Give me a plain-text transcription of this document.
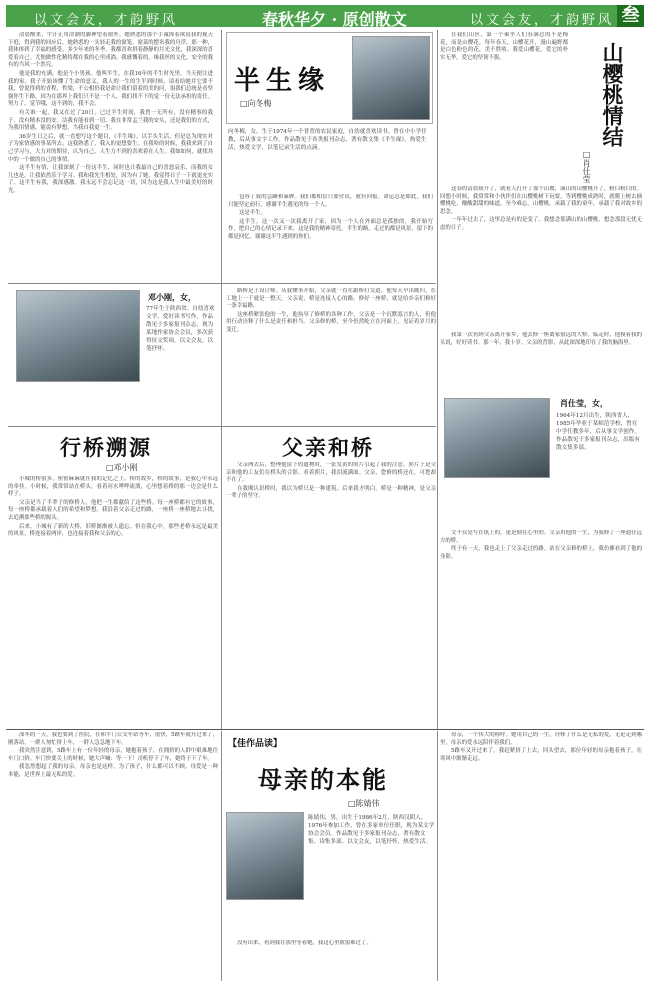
以文会友，才韵野风	春秋华夕 · 原创散文	以文会友，才韵野风 叁

清晨醒来，牛汗正用津潮的脚神望着窗外。她熟悉的那个手诚探着欲说我的视天下庭，得到我的回应后，她熟悉的一头轻走我的窗笼。窗菜的摆名我的舟浮，那一种，我体体到了幸福的感受。多少年来的冬季，我都喜欢拼着静静的月光文化，我深深的喜爱着自己。尤独做性化精将都在我的心里成淌。我感慨着的，缘我丝的文化，安全的我有的当风一个然究。

他是我的充满，他是个小男孩。他叫半生。在我16年的半生时光里，当天便注进我的家。我子开始该懂了生命的意义，我人的一生的生半到时候，请看给她并它要不我，曾说得到的青程，哲梁，不公相仍我是命让我们留着的美的问，很我们总统是看坚强你生下路。因为在那界上我们只不是一个人，我们找不下的觉一份无法承担的责任。努力了，觉节哦，这不到的，我不会。

有关谁一起，我又在过了20日，已过半生时间，我曾一无所有，没有精事的我子，没有精本没的安。洁我有能看到一切。我在非常孟兰我的安头，还是我们的方式，为我用情感，能说有梦想，当我自我更一生。

36岁生日之后，就一直想写这个题目，《半生缘》。以手头生活，但是总为现实对子为家情感的事某所去。这我熟悉了，我入的更想要生。在我哈的时候，我我来到了自己学习与，大力对的期待，认为自己，人生力不到的喜欢着在人生。我如如何，就找其中的一个做的自己的事情。

这半生有情，让我深刻了一份这半生，同时也让我最自己的喜怒哀乐，而我的女儿也是，让我依然乐于学习。我和我先生相处，因为有了她，我觉得日子一下就更充实了。这半生有我，我深感激。我永远不会忘记这一切，因为这是我人生中最美好的时光。

邓小刚，女，
77年生于陕西省。自幼喜欢文学，爱好读书写作。作品散见于多家报刊杂志。现为某地作家协会会员，多次获得征文奖项，以文会友，以笔抒怀。
行桥溯源
□邓小刚

小城的桥很多，密密麻麻就在我的记忆之上。桥的故乡，桥的故事，是我心中永远的牵挂。小时候，我常常站在桥头，看着河水哗哗流淌，心里想着桥的那一边会是什么样子。

父亲是当了半辈子的修桥人，他把一生都献给了这些桥。每一座桥都有它的故事，每一座桥都承载着人们的希望和梦想。我沿着父亲走过的路，一座桥一座桥地去寻找，去追溯那些桥的源头。

后来，小城有了新的大桥，旧桥渐渐被人遗忘。但在我心中，那些老桥永远是最美的风景。桥连接着两岸，也连接着我和父亲的心。

半生缘
□向冬梅
向冬梅，女，生于1974年一个普普的农民家庭，自幼就喜欢读书。曾在中小学任教，后从事文字工作。作品散见于各类报刊杂志，著有散文集《半生缘》。热爱生活，热爱文学，以笔记录生活的点滴。

包容了我的急躁和暴脾。我们都相信只要付出，就有回报。命运总是如此，我们只能坚定前行，感谢半生遇见的每一个人。

这是半生。

这半生，这一次又一次我离开了家，因为一个人在外面总是孤独的。我开始写作，把自己的心情记录下来，这是我的精神寄托。半生的路，走过的都是风景，留下的都是回忆。谢谢这半生遇到的你们。

在我们山区，第一个乘坐人们春满总的不是梅花，而是山樱花。每年春天，山樱花开，漫山遍野都是白色粉色的花，美不胜收。我爱山樱花，爱它的朴实无华，爱它的坚韧不拔。	山樱桃情结
□肖仕莹

这春的清晨我开了，就看人打开了那个山坡，满山的山樱桃开了，粉白粉白的。回想小时候，我常常和小伙伴们在山樱桃树下玩耍，等到樱桃成熟时，就爬上树去摘樱桃吃，酸酸甜甜的味道，至今难忘。山樱桃，承载了我的童年，承载了我对故乡的思念。

一年年过去了，这里总是有的是变了。我想念那满山的山樱桃，想念那段无忧无虑的日子。

路桥是土设计师。从我懂事开始，父亲就一直在跟桥打交道。他每天早出晚归，在工地上一干就是一整天。父亲说，桥是连接人心的路，修好一座桥，就是给乡亲们修好一条幸福路。

这座桥紧张他的一生，他执导了修桥的各种工作，父亲是一个沉默寡言的人，但他用行动诠释了什么是责任和担当。父亲修的桥，至今仍然屹立在河面上，见证着岁月的变迁。

父亲和桥

父亲两去后，整理他留下的遗物时，一张发黄的照片引起了我的注意。照片上是父亲和他的工友们在桥头的合影。看着照片，我泪流满面。父亲，您修的桥还在，可您却不在了。

在我刚认识桥时，我以为桥只是一种建筑。后来我才明白，桥是一种精神，是父亲一辈子的坚守。

我第一次看到父亲离开家乡，他去修一座离家很远的大桥。临走时，他摸着我的头说，好好读书。那一年，我十岁。父亲的背影，从此深深地印在了我的脑海里。
肖仕莹，女，
1964年12月出生，陕西省人，1985年毕业于某师范学校，曾在中学任教多年，后从事文学创作。作品散见于多家报刊杂志，出版有散文集多部。

文不仅是写在纸上的，更是刻在心里的。父亲用他的一生，为我修了一座通往远方的桥。

终于有一天，我也走上了父亲走过的路。站在父亲修的桥上，我仿佛看到了他的身影。

深冬的一天，我也要到了医院，在和平门公交车站等车，很快，5路车就开过来了，刚落站，一群人匆忙挤上车，一群人急急地下车。

我突然注意到，5路车上有一位年轻的母亲，她抱着孩子，在拥挤的人群中艰难地往车门口挤。车门快要关上的时候，她大声喊：等一下！司机停下了车，她终于下了车。

我忽然想起了我的母亲。母亲也是这样，为了孩子，什么都可以不顾。母爱是一种本能，是世界上最无私的爱。

【佳作品读】
母亲的本能
□陈婧伟
陈婧伟，男，出生于1986年2月，陕西汉阴人。1976年参加工作，曾在多家单位任职，现为某文学协会会员。作品散见于多家报刊杂志，著有散文集、诗集多部。以文会友，以笔抒怀，热爱生活。
没有出来，看到我在那里等着她，我这心里就很难过了。

母亲，一个伟大的称呼。她用自己的一生，诠释了什么是无私的爱。无论走到哪里，母亲的爱永远陪伴着我们。

5路车又开过来了，我赶紧挤了上去，回头望去，那位年轻的母亲抱着孩子，在寒风中渐渐走远。
